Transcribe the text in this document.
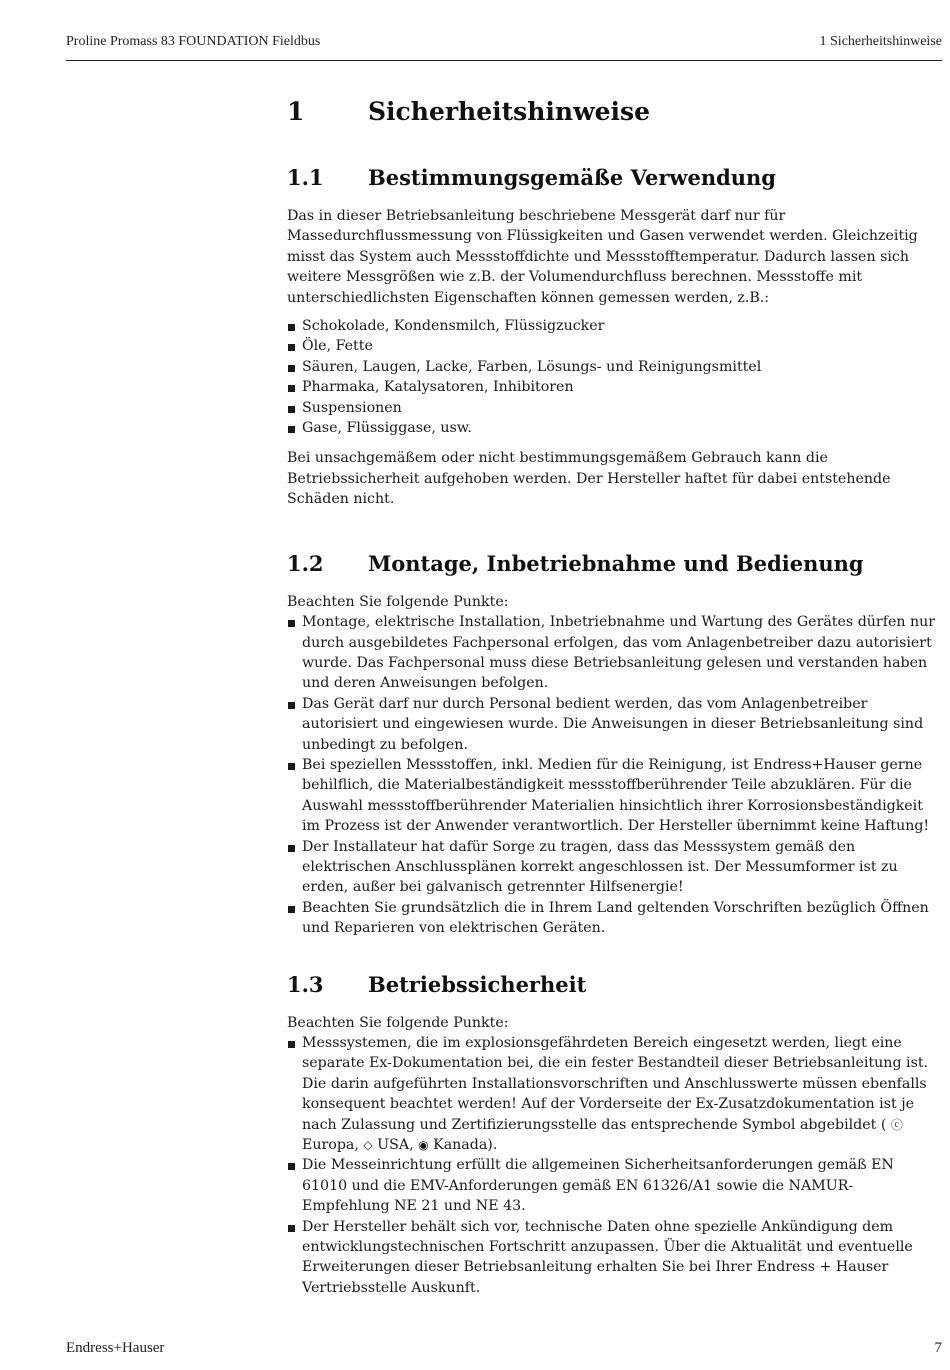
Proline Promass 83 FOUNDATION Fieldbus	1 Sicherheitshinweise
1	Sicherheitshinweise
1.1	Bestimmungsgemäße Verwendung

Das in dieser Betriebsanleitung beschriebene Messgerät darf nur für Massedurchflussmessung von Flüssigkeiten und Gasen verwendet werden. Gleichzeitig misst das System auch Messstoffdichte und Messstofftemperatur. Dadurch lassen sich weitere Messgrößen wie z.B. der Volumendurchfluss berechnen. Messstoffe mit unterschiedlichsten Eigenschaften können gemessen werden, z.B.:

Schokolade, Kondensmilch, Flüssigzucker
Öle, Fette
Säuren, Laugen, Lacke, Farben, Lösungs- und Reinigungsmittel
Pharmaka, Katalysatoren, Inhibitoren
Suspensionen
Gase, Flüssiggase, usw.

Bei unsachgemäßem oder nicht bestimmungsgemäßem Gebrauch kann die Betriebssicherheit aufgehoben werden. Der Hersteller haftet für dabei entstehende Schäden nicht.

1.2	Montage, Inbetriebnahme und Bedienung

Beachten Sie folgende Punkte:

Montage, elektrische Installation, Inbetriebnahme und Wartung des Gerätes dürfen nur durch ausgebildetes Fachpersonal erfolgen, das vom Anlagenbetreiber dazu autorisiert wurde. Das Fachpersonal muss diese Betriebsanleitung gelesen und verstanden haben und deren Anweisungen befolgen.
Das Gerät darf nur durch Personal bedient werden, das vom Anlagenbetreiber autorisiert und eingewiesen wurde. Die Anweisungen in dieser Betriebsanleitung sind unbedingt zu befolgen.
Bei speziellen Messstoffen, inkl. Medien für die Reinigung, ist Endress+Hauser gerne behilflich, die Materialbeständigkeit messstoffberührender Teile abzuklären. Für die Auswahl messstoffberührender Materialien hinsichtlich ihrer Korrosionsbeständigkeit im Prozess ist der Anwender verantwortlich. Der Hersteller übernimmt keine Haftung!
Der Installateur hat dafür Sorge zu tragen, dass das Messsystem gemäß den elektrischen Anschlussplänen korrekt angeschlossen ist. Der Messumformer ist zu erden, außer bei galvanisch getrennter Hilfsenergie!
Beachten Sie grundsätzlich die in Ihrem Land geltenden Vorschriften bezüglich Öffnen und Reparieren von elektrischen Geräten.
1.3	Betriebssicherheit

Beachten Sie folgende Punkte:

Messsystemen, die im explosionsgefährdeten Bereich eingesetzt werden, liegt eine separate Ex-Dokumentation bei, die ein fester Bestandteil dieser Betriebsanleitung ist. Die darin aufgeführten Installationsvorschriften und Anschlusswerte müssen ebenfalls konsequent beachtet werden! Auf der Vorderseite der Ex-Zusatzdokumentation ist je nach Zulassung und Zertifizierungsstelle das entsprechende Symbol abgebildet ( ⓒ Europa, ◇ USA, ◉ Kanada).
Die Messeinrichtung erfüllt die allgemeinen Sicherheitsanforderungen gemäß EN 61010 und die EMV-Anforderungen gemäß EN 61326/A1 sowie die NAMUR-Empfehlung NE 21 und NE 43.
Der Hersteller behält sich vor, technische Daten ohne spezielle Ankündigung dem entwicklungstechnischen Fortschritt anzupassen. Über die Aktualität und eventuelle Erweiterungen dieser Betriebsanleitung erhalten Sie bei Ihrer Endress + Hauser Vertriebsstelle Auskunft.
Endress+Hauser	7
